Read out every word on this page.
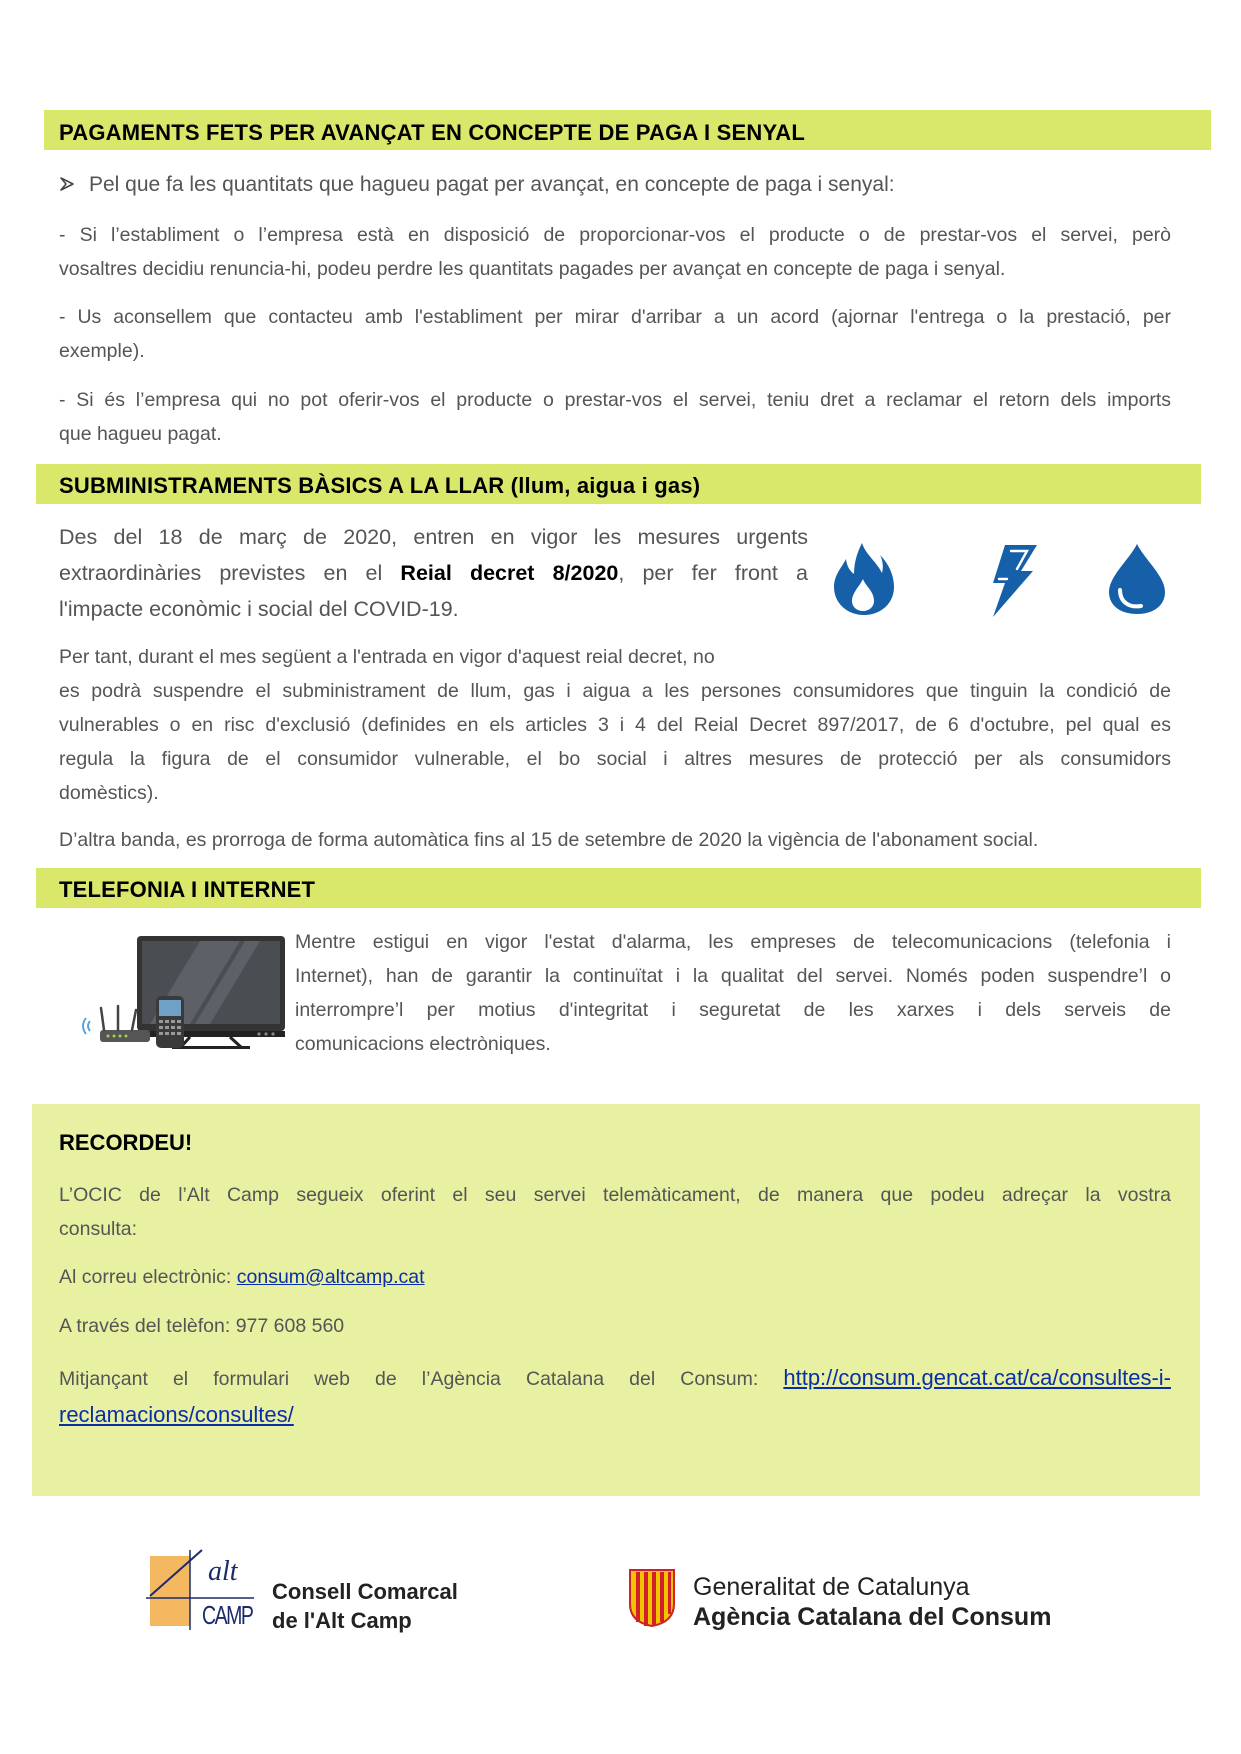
PAGAMENTS FETS PER AVANÇAT EN CONCEPTE DE PAGA I SENYAL
Pel que fa les quantitats que hagueu pagat per avançat, en concepte de paga i senyal:
- Si l’establiment o l’empresa està en disposició de proporcionar-vos el producte o de prestar-vos el servei, però
vosaltres decidiu renuncia-hi, podeu perdre les quantitats pagades per avançat en concepte de paga i senyal.
- Us aconsellem que contacteu amb l'establiment per mirar d'arribar a un acord (ajornar l'entrega o la prestació, per
exemple).
- Si és l’empresa qui no pot oferir-vos el producte o prestar-vos el servei, teniu dret a reclamar el retorn dels imports
que hagueu pagat.
SUBMINISTRAMENTS BÀSICS A LA LLAR (llum, aigua i gas)
Des del 18 de març de 2020, entren en vigor les mesures urgents
extraordinàries previstes en el Reial decret 8/2020, per fer front a
l'impacte econòmic i social del COVID-19.
Per tant, durant el mes següent a l'entrada en vigor d'aquest reial decret, no
es podrà suspendre el subministrament de llum, gas i aigua a les persones consumidores que tinguin la condició de
vulnerables o en risc d'exclusió (definides en els articles 3 i 4 del Reial Decret 897/2017, de 6 d'octubre, pel qual es
regula la figura de el consumidor vulnerable, el bo social i altres mesures de protecció per als consumidors
domèstics).
D’altra banda, es prorroga de forma automàtica fins al 15 de setembre de 2020 la vigència de l'abonament social.
TELEFONIA I INTERNET
Mentre estigui en vigor l'estat d'alarma, les empreses de telecomunicacions (telefonia i
Internet), han de garantir la continuïtat i la qualitat del servei. Només poden suspendre’l o
interrompre’l per motius d'integritat i seguretat de les xarxes i dels serveis de
comunicacions electròniques.
RECORDEU!
L’OCIC de l’Alt Camp segueix oferint el seu servei telemàticament, de manera que podeu adreçar la vostra
consulta:
Al correu electrònic: consum@altcamp.cat
A través del telèfon: 977 608 560
Mitjançant el formulari web de l’Agència Catalana del Consum: http://consum.gencat.cat/ca/consultes-i-
reclamacions/consultes/
alt
CAMP
Consell Comarcal
de l'Alt Camp
Generalitat de Catalunya
Agència Catalana del Consum
